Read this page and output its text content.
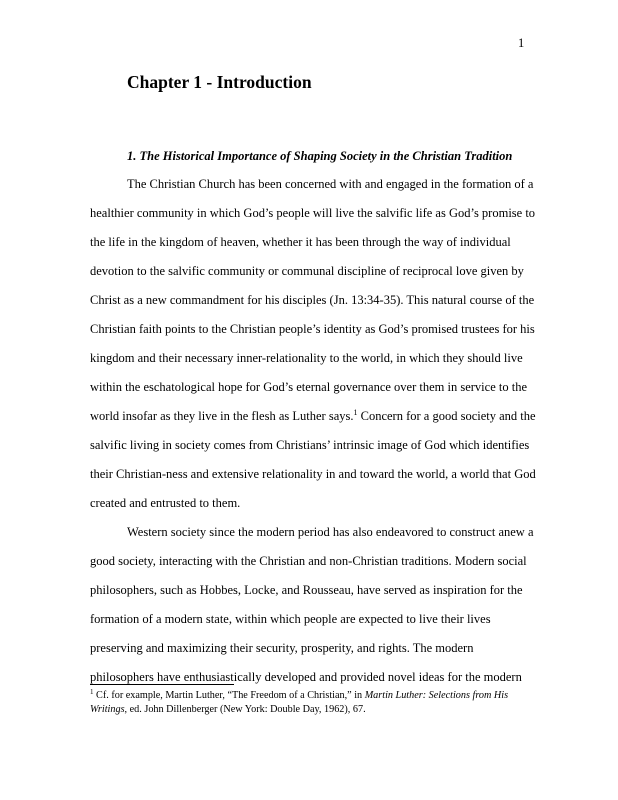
1
Chapter 1 - Introduction
1. The Historical Importance of Shaping Society in the Christian Tradition
The Christian Church has been concerned with and engaged in the formation of a
healthier community in which God’s people will live the salvific life as God’s promise to
the life in the kingdom of heaven, whether it has been through the way of individual
devotion to the salvific community or communal discipline of reciprocal love given by
Christ as a new commandment for his disciples (Jn. 13:34-35). This natural course of the
Christian faith points to the Christian people’s identity as God’s promised trustees for his
kingdom and their necessary inner-relationality to the world, in which they should live
within the eschatological hope for God’s eternal governance over them in service to the
world insofar as they live in the flesh as Luther says.$^1$ Concern for a good society and the
salvific living in society comes from Christians’ intrinsic image of God which identifies
their Christian-ness and extensive relationality in and toward the world, a world that God
created and entrusted to them.
Western society since the modern period has also endeavored to construct anew a
good society, interacting with the Christian and non-Christian traditions. Modern social
philosophers, such as Hobbes, Locke, and Rousseau, have served as inspiration for the
formation of a modern state, within which people are expected to live their lives
preserving and maximizing their security, prosperity, and rights. The modern
philosophers have enthusiastically developed and provided novel ideas for the modern
$^1$ Cf. for example, Martin Luther, “The Freedom of a Christian,” in Martin Luther: Selections from His
Writings, ed. John Dillenberger (New York: Double Day, 1962), 67.
